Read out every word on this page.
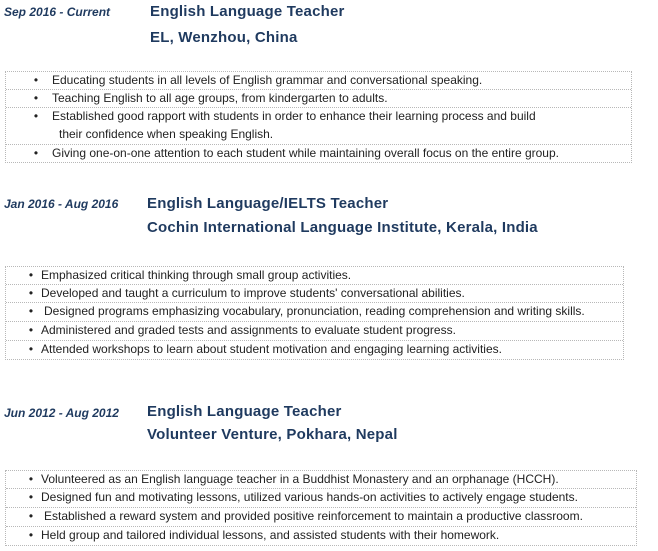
Sep 2016 - Current	English Language Teacher
EL, Wenzhou, China
•	Educating students in all levels of English grammar and conversational speaking.
•	Teaching English to all age groups, from kindergarten to adults.
•	Established good rapport with students in order to enhance their learning process and build
their confidence when speaking English.
•	Giving one-on-one attention to each student while maintaining overall focus on the entire group.
Jan 2016 - Aug 2016 English Language/IELTS Teacher
Cochin International Language Institute, Kerala, India
• Emphasized critical thinking through small group activities.
• Developed and taught a curriculum to improve students' conversational abilities.
• Designed programs emphasizing vocabulary, pronunciation, reading comprehension and writing skills.
• Administered and graded tests and assignments to evaluate student progress.
• Attended workshops to learn about student motivation and engaging learning activities.
Jun 2012 - Aug 2012 English Language Teacher
Volunteer Venture, Pokhara, Nepal
• Volunteered as an English language teacher in a Buddhist Monastery and an orphanage (HCCH).
• Designed fun and motivating lessons, utilized various hands-on activities to actively engage students.
• Established a reward system and provided positive reinforcement to maintain a productive classroom.
• Held group and tailored individual lessons, and assisted students with their homework.
